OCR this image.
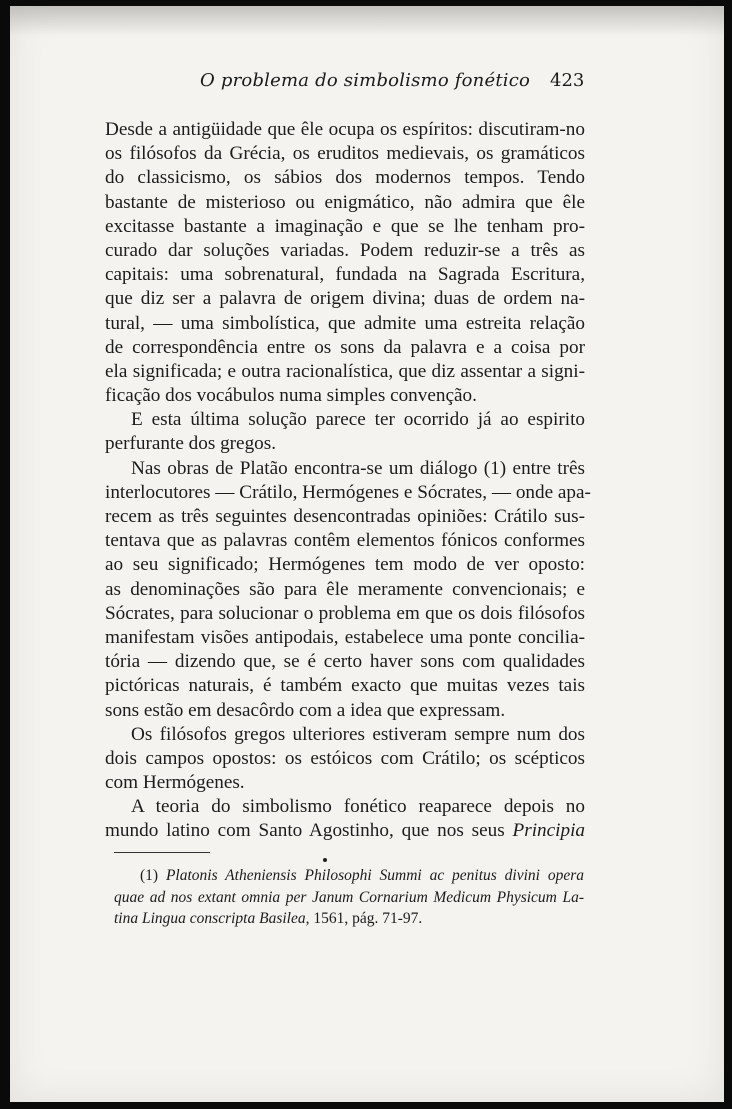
O problema do simbolismo fonético 423
Desde a antigüidade que êle ocupa os espíritos: discutiram-no
os filósofos da Grécia, os eruditos medievais, os gramáticos
do classicismo, os sábios dos modernos tempos. Tendo
bastante de misterioso ou enigmático, não admira que êle
excitasse bastante a imaginação e que se lhe tenham pro-
curado dar soluções variadas. Podem reduzir-se a três as
capitais: uma sobrenatural, fundada na Sagrada Escritura,
que diz ser a palavra de origem divina; duas de ordem na-
tural, — uma simbolística, que admite uma estreita relação
de correspondência entre os sons da palavra e a coisa por
ela significada; e outra racionalística, que diz assentar a signi-
ficação dos vocábulos numa simples convenção.
E esta última solução parece ter ocorrido já ao espirito
perfurante dos gregos.
Nas obras de Platão encontra-se um diálogo (1) entre três
interlocutores — Crátilo, Hermógenes e Sócrates, — onde apa-
recem as três seguintes desencontradas opiniões: Crátilo sus-
tentava que as palavras contêm elementos fónicos conformes
ao seu significado; Hermógenes tem modo de ver oposto:
as denominações são para êle meramente convencionais; e
Sócrates, para solucionar o problema em que os dois filósofos
manifestam visões antipodais, estabelece uma ponte concilia-
tória — dizendo que, se é certo haver sons com qualidades
pictóricas naturais, é também exacto que muitas vezes tais
sons estão em desacôrdo com a idea que expressam.
Os filósofos gregos ulteriores estiveram sempre num dos
dois campos opostos: os estóicos com Crátilo; os scépticos
com Hermógenes.
A teoria do simbolismo fonético reaparece depois no
mundo latino com Santo Agostinho, que nos seus Principia
(1) Platonis Atheniensis Philosophi Summi ac penitus divini opera
quae ad nos extant omnia per Janum Cornarium Medicum Physicum La-
tina Lingua conscripta Basilea, 1561, pág. 71-97.
